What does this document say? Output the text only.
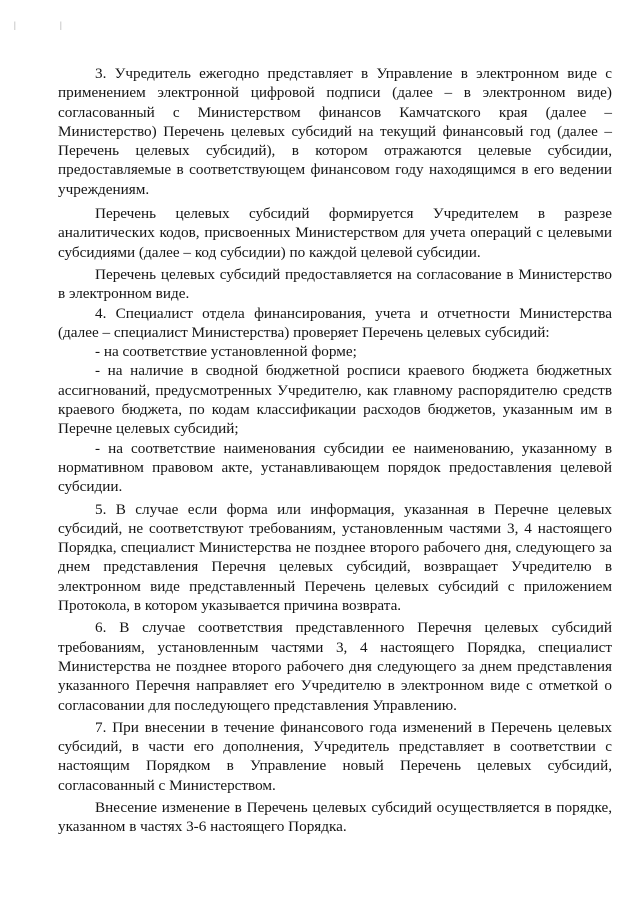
|	|

3. Учредитель ежегодно представляет в Управление в электронном виде с применением электронной цифровой подписи (далее – в электронном виде) согласованный с Министерством финансов Камчатского края (далее – Министерство) Перечень целевых субсидий на текущий финансовый год (далее – Перечень целевых субсидий), в котором отражаются целевые субсидии, предоставляемые в соответствующем финансовом году находящимся в его ведении учреждениям.

Перечень целевых субсидий формируется Учредителем в разрезе аналитических кодов, присвоенных Министерством для учета операций с целевыми субсидиями (далее – код субсидии) по каждой целевой субсидии.

Перечень целевых субсидий предоставляется на согласование в Министерство в электронном виде.

4. Специалист отдела финансирования, учета и отчетности Министерства (далее – специалист Министерства) проверяет Перечень целевых субсидий:

- на соответствие установленной форме;

- на наличие в сводной бюджетной росписи краевого бюджета бюджетных ассигнований, предусмотренных Учредителю, как главному распорядителю средств краевого бюджета, по кодам классификации расходов бюджетов, указанным им в Перечне целевых субсидий;

- на соответствие наименования субсидии ее наименованию, указанному в нормативном правовом акте, устанавливающем порядок предоставления целевой субсидии.

5. В случае если форма или информация, указанная в Перечне целевых субсидий, не соответствуют требованиям, установленным частями 3, 4 настоящего Порядка, специалист Министерства не позднее второго рабочего дня, следующего за днем представления Перечня целевых субсидий, возвращает Учредителю в электронном виде представленный Перечень целевых субсидий с приложением Протокола, в котором указывается причина возврата.

6. В случае соответствия представленного Перечня целевых субсидий требованиям, установленным частями 3, 4 настоящего Порядка, специалист Министерства не позднее второго рабочего дня следующего за днем представления указанного Перечня направляет его Учредителю в электронном виде с отметкой о согласовании для последующего представления Управлению.

7. При внесении в течение финансового года изменений в Перечень целевых субсидий, в части его дополнения, Учредитель представляет в соответствии с настоящим Порядком в Управление новый Перечень целевых субсидий, согласованный с Министерством.

Внесение изменение в Перечень целевых субсидий осуществляется в порядке, указанном в частях 3-6 настоящего Порядка.
